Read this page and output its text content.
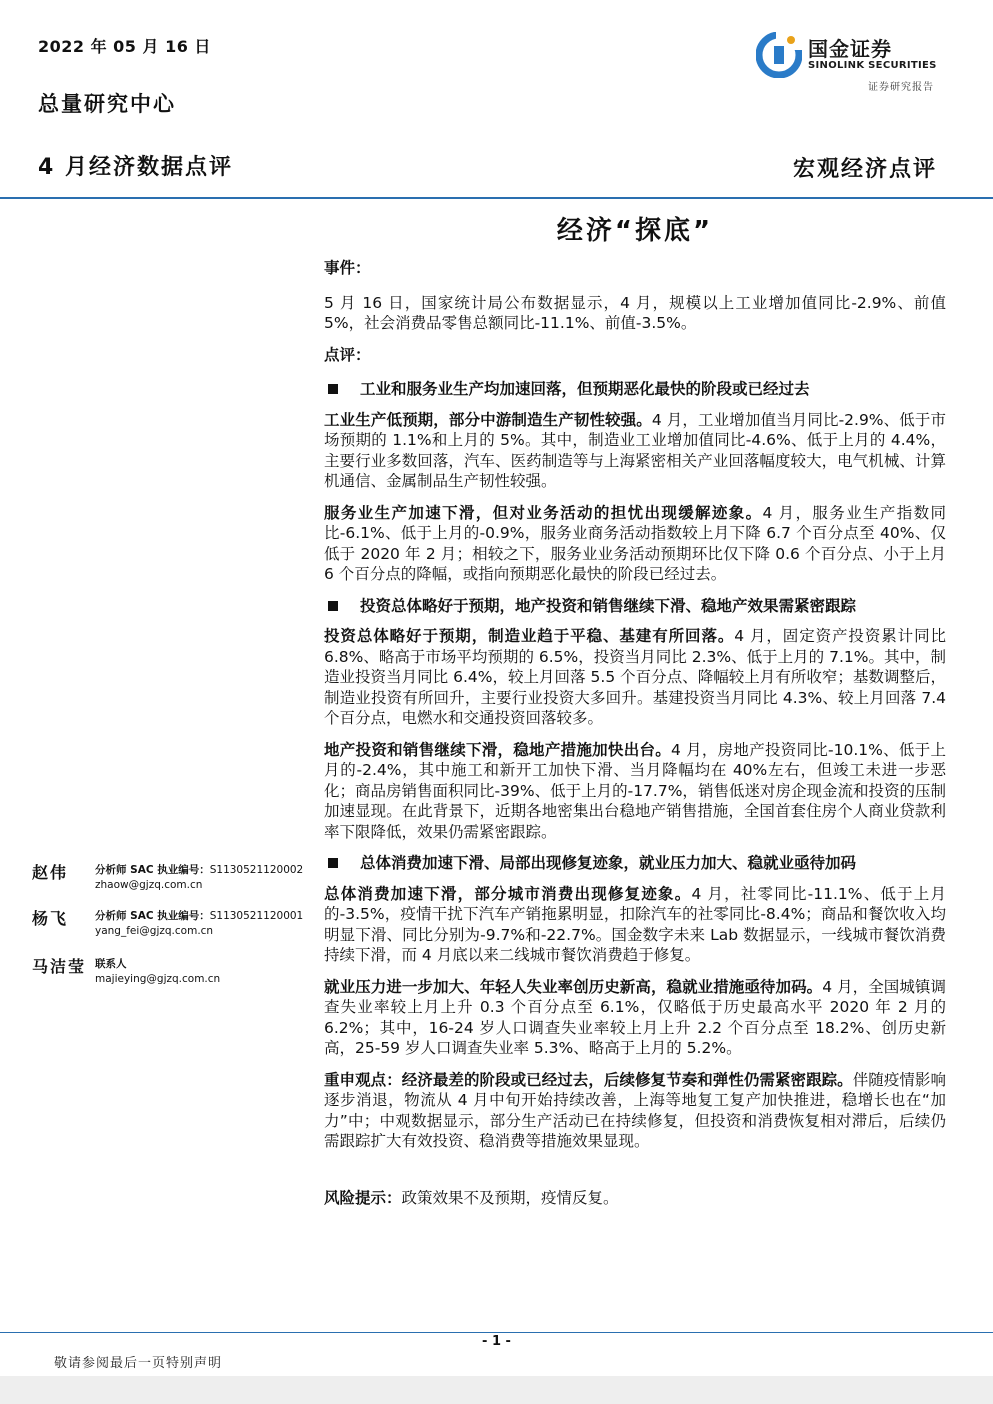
2022 年 05 月 16 日
总量研究中心
4 月经济数据点评	宏观经济点评
国金证券
SINOLINK SECURITIES
证券研究报告
经济“探底”

事件：

5 月 16 日，国家统计局公布数据显示，4 月，规模以上工业增加值同比-2.9%、前值 5%，社会消费品零售总额同比-11.1%、前值-3.5%。

点评：

工业和服务业生产均加速回落，但预期恶化最快的阶段或已经过去

工业生产低预期，部分中游制造生产韧性较强。4 月，工业增加值当月同比-2.9%、低于市场预期的 1.1%和上月的 5%。其中，制造业工业增加值同比-4.6%、低于上月的 4.4%，主要行业多数回落，汽车、医药制造等与上海紧密相关产业回落幅度较大，电气机械、计算机通信、金属制品生产韧性较强。

服务业生产加速下滑，但对业务活动的担忧出现缓解迹象。4 月，服务业生产指数同比-6.1%、低于上月的-0.9%，服务业商务活动指数较上月下降 6.7 个百分点至 40%、仅低于 2020 年 2 月；相较之下，服务业业务活动预期环比仅下降 0.6 个百分点、小于上月 6 个百分点的降幅，或指向预期恶化最快的阶段已经过去。

投资总体略好于预期，地产投资和销售继续下滑、稳地产效果需紧密跟踪

投资总体略好于预期，制造业趋于平稳、基建有所回落。4 月，固定资产投资累计同比 6.8%、略高于市场平均预期的 6.5%，投资当月同比 2.3%、低于上月的 7.1%。其中，制造业投资当月同比 6.4%，较上月回落 5.5 个百分点、降幅较上月有所收窄；基数调整后，制造业投资有所回升，主要行业投资大多回升。基建投资当月同比 4.3%、较上月回落 7.4 个百分点，电燃水和交通投资回落较多。

地产投资和销售继续下滑，稳地产措施加快出台。4 月，房地产投资同比-10.1%、低于上月的-2.4%，其中施工和新开工加快下滑、当月降幅均在 40%左右，但竣工未进一步恶化；商品房销售面积同比-39%、低于上月的-17.7%，销售低迷对房企现金流和投资的压制加速显现。在此背景下，近期各地密集出台稳地产销售措施，全国首套住房个人商业贷款利率下限降低，效果仍需紧密跟踪。

总体消费加速下滑、局部出现修复迹象，就业压力加大、稳就业亟待加码

总体消费加速下滑，部分城市消费出现修复迹象。4 月，社零同比-11.1%、低于上月的-3.5%，疫情干扰下汽车产销拖累明显，扣除汽车的社零同比-8.4%；商品和餐饮收入均明显下滑、同比分别为-9.7%和-22.7%。国金数字未来 Lab 数据显示，一线城市餐饮消费持续下滑，而 4 月底以来二线城市餐饮消费趋于修复。

就业压力进一步加大、年轻人失业率创历史新高，稳就业措施亟待加码。4 月，全国城镇调查失业率较上月上升 0.3 个百分点至 6.1%，仅略低于历史最高水平 2020 年 2 月的 6.2%；其中，16-24 岁人口调查失业率较上月上升 2.2 个百分点至 18.2%、创历史新高，25-59 岁人口调查失业率 5.3%、略高于上月的 5.2%。

重申观点：经济最差的阶段或已经过去，后续修复节奏和弹性仍需紧密跟踪。伴随疫情影响逐步消退，物流从 4 月中旬开始持续改善，上海等地复工复产加快推进，稳增长也在“加力”中；中观数据显示，部分生产活动已在持续修复，但投资和消费恢复相对滞后，后续仍需跟踪扩大有效投资、稳消费等措施效果显现。

风险提示：政策效果不及预期，疫情反复。

赵伟	分析师 SAC 执业编号：S1130521120002
zhaow@gjzq.com.cn
杨飞	分析师 SAC 执业编号：S1130521120001
yang_fei@gjzq.com.cn
马洁莹 联系人
majieying@gjzq.com.cn
- 1 -
敬请参阅最后一页特别声明
